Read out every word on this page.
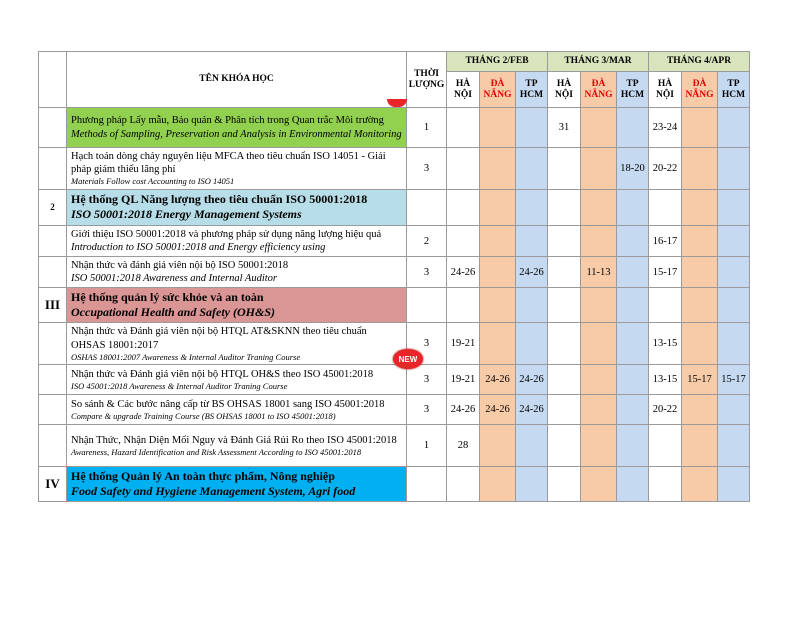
	TÊN KHÓA HỌC	THỜI LƯỢNG	THÁNG 2/FEB			THÁNG 3/MAR			THÁNG 4/APR		
			HÀ NỘI	ĐÀ NẴNG	TP HCM	HÀ NỘI	ĐÀ NẴNG	TP HCM	HÀ NỘI	ĐÀ NẴNG	TP HCM

	Phương pháp Lấy mẫu, Bảo quản & Phân tích trong Quan trắc Môi trường
Methods of Sampling, Preservation and Analysis in Environmental Monitoring	1				31			23-24		

	Hạch toán dòng chảy nguyên liệu MFCA theo tiêu chuẩn ISO 14051 - Giải pháp giảm thiểu lãng phí
Materials Follow cost Accounting to ISO 14051	3						18-20	20-22		
2	Hệ thống QL Năng lượng theo tiêu chuẩn ISO 50001:2018
ISO 50001:2018 Energy Management Systems										

	Giới thiệu ISO 50001:2018 và phương pháp sử dụng năng lượng hiệu quả
Introduction to ISO 50001:2018 and Energy efficiency using	2							16-17		

	Nhận thức và đánh giá viên nội bộ ISO 50001:2018
ISO 50001:2018 Awareness and Internal Auditor	3	24-26		24-26		11-13		15-17		
III	Hệ thống quản lý sức khỏe và an toàn
Occupational Health and Safety (OH&S)										

	Nhận thức và Đánh giá viên nội bộ HTQL AT&SKNN theo tiêu chuẩn OHSAS 18001:2017
OSHAS 18001:2007 Awareness & Internal Auditor Traning Course	3	19-21						13-15		

	Nhận thức và Đánh giá viên nội bộ HTQL OH&S theo ISO 45001:2018
ISO 45001:2018 Awareness & Internal Auditor Traning Course	3	19-21	24-26	24-26				13-15	15-17	15-17

	So sánh & Các bước nâng cấp từ BS OHSAS 18001 sang ISO 45001:2018
Compare & upgrade Training Course (BS OHSAS 18001 to ISO 45001:2018)	3	24-26	24-26	24-26				20-22		

	Nhận Thức, Nhận Diện Mối Nguy và Đánh Giá Rủi Ro theo ISO 45001:2018
Awareness, Hazard Identification and Risk Assessment According to ISO 45001:2018	1	28								
IV	Hệ thống Quản lý An toàn thực phẩm, Nông nghiệp
Food Safety and Hygiene Management System, Agri food										

NEW
